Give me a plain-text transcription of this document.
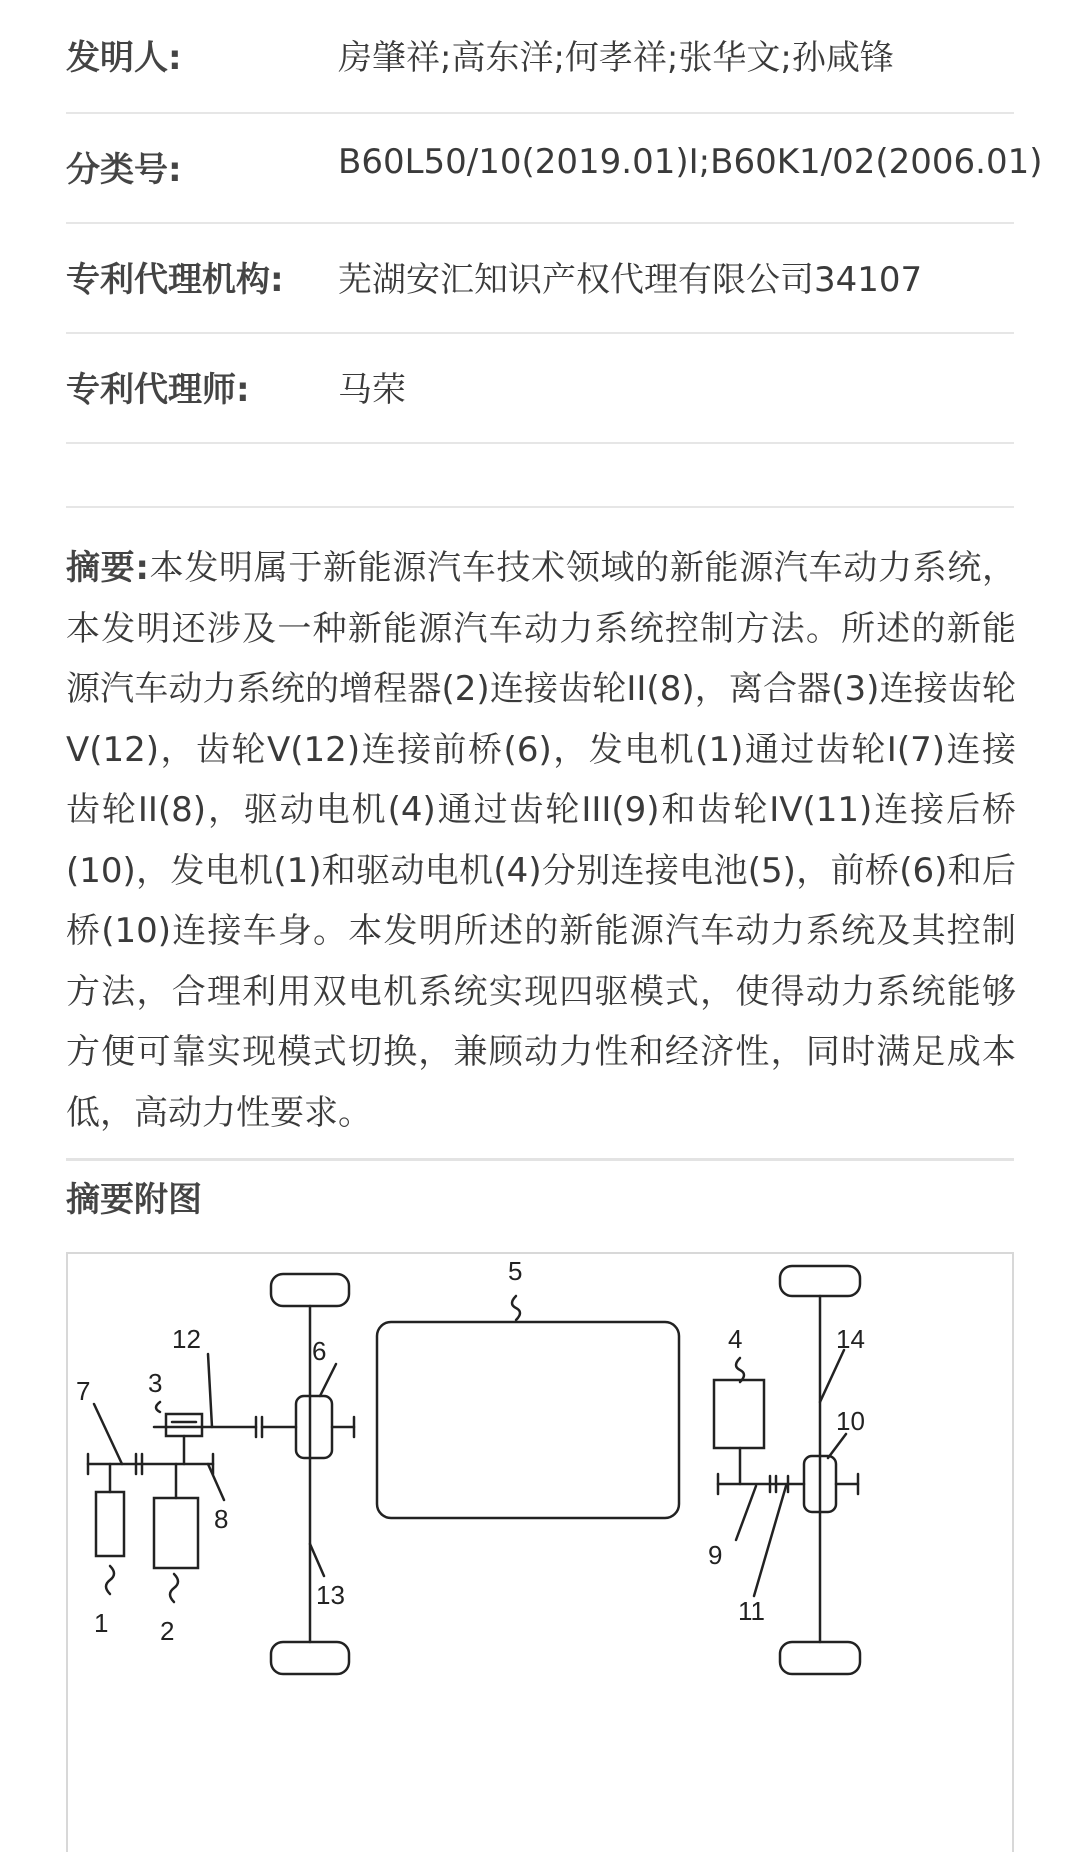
发明人:	房肇祥;高东洋;何孝祥;张华文;孙咸锋
分类号:	B60L50/10(2019.01)I;B60K1/02(2006.01)
专利代理机构: 芜湖安汇知识产权代理有限公司34107
专利代理师:	马荣
摘要:本发明属于新能源汽车技术领域的新能源汽车动力系统，本发明还涉及一种新能源汽车动力系统控制方法。所述的新能源汽车动力系统的增程器(2)连接齿轮II(8)，离合器(3)连接齿轮V(12)，齿轮V(12)连接前桥(6)，发电机(1)通过齿轮I(7)连接齿轮II(8)，驱动电机(4)通过齿轮III(9)和齿轮IV(11)连接后桥(10)，发电机(1)和驱动电机(4)分别连接电池(5)，前桥(6)和后桥(10)连接车身。本发明所述的新能源汽车动力系统及其控制方法，合理利用双电机系统实现四驱模式，使得动力系统能够方便可靠实现模式切换，兼顾动力性和经济性，同时满足成本低，高动力性要求。
摘要附图
5
4
6
12
3
7
8
13
1 2
14
10
9
11
